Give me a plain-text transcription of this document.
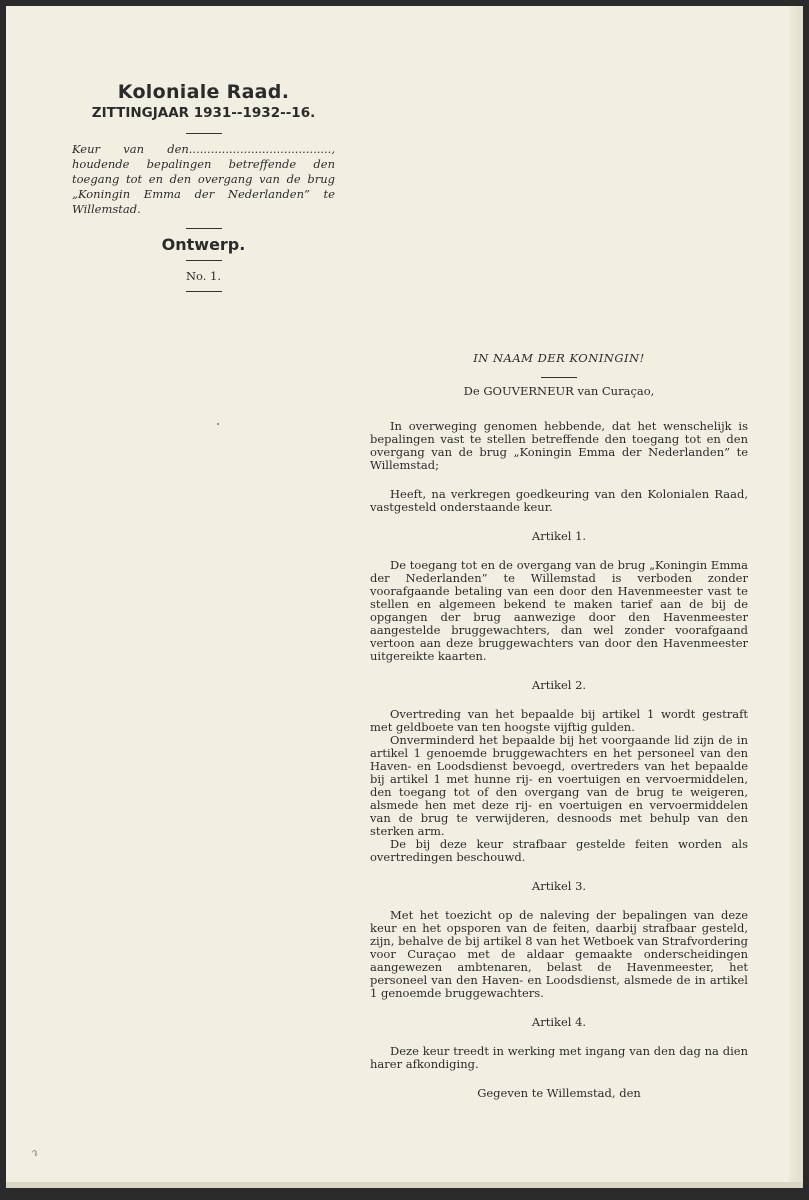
ɂ
Koloniale Raad.
ZITTINGJAAR 1931--1932--16.
Keur van den......................................., houdende bepalingen betreffende den toegang tot en den overgang van de brug „Koningin Emma der Nederlanden” te Willemstad.
Ontwerp.
No. 1.

IN NAAM DER KONINGIN!

De GOUVERNEUR van Curaçao,

In overweging genomen hebbende, dat het wenschelijk is bepalingen vast te stellen betreffende den toegang tot en den overgang van de brug „Koningin Emma der Nederlanden” te Willemstad;

Heeft, na verkregen goedkeuring van den Kolonialen Raad, vastgesteld onderstaande keur.

Artikel 1.

De toegang tot en de overgang van de brug „Koningin Emma der Nederlanden” te Willemstad is verboden zonder voorafgaande betaling van een door den Havenmeester vast te stellen en algemeen bekend te maken tarief aan de bij de opgangen der brug aanwezige door den Havenmeester aangestelde bruggewachters, dan wel zonder voorafgaand vertoon aan deze bruggewachters van door den Havenmeester uitgereikte kaarten.

Artikel 2.

Overtreding van het bepaalde bij artikel 1 wordt gestraft met geldboete van ten hoogste vijftig gulden.

Onverminderd het bepaalde bij het voorgaande lid zijn de in artikel 1 genoemde bruggewachters en het personeel van den Haven- en Loodsdienst bevoegd, overtreders van het bepaalde bij artikel 1 met hunne rij- en voertuigen en vervoermiddelen, den toegang tot of den overgang van de brug te weigeren, alsmede hen met deze rij- en voertuigen en vervoermiddelen van de brug te verwijderen, desnoods met behulp van den sterken arm.

De bij deze keur strafbaar gestelde feiten worden als overtredingen beschouwd.

Artikel 3.

Met het toezicht op de naleving der bepalingen van deze keur en het opsporen van de feiten, daarbij strafbaar gesteld, zijn, behalve de bij artikel 8 van het Wetboek van Strafvordering voor Curaçao met de aldaar gemaakte onderscheidingen aangewezen ambtenaren, belast de Havenmeester, het personeel van den Haven- en Loodsdienst, alsmede de in artikel 1 genoemde bruggewachters.

Artikel 4.

Deze keur treedt in werking met ingang van den dag na dien harer afkondiging.

Gegeven te Willemstad, den
